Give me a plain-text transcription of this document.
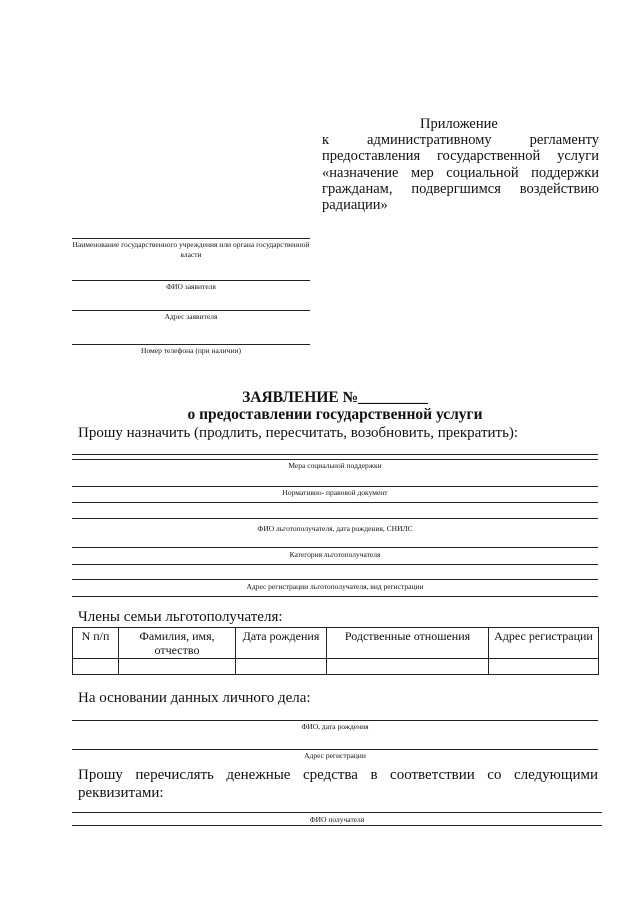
Приложение
к административному регламенту
предоставления государственной услуги
«назначение мер социальной поддержки
гражданам, подвергшимся воздействию
радиации»
Наименование государственного учреждения или органа государственной власти
ФИО заявителя
Адрес заявителя
Номер телефона (при наличии)
ЗАЯВЛЕНИЕ №_________
о предоставлении государственной услуги
Прошу назначить (продлить, пересчитать, возобновить, прекратить):
Мера социальной поддержки
Нормативно- правовой документ
ФИО льготополучателя, дата рождения, СНИЛС
Категория льготополучателя
Адрес регистрации льготополучателя, вид регистрации
Члены семьи льготополучателя:
N п/п	Фамилия, имя, отчество	Дата рождения	Родственные отношения	Адрес регистрации

На основании данных личного дела:
ФИО, дата рождения
Адрес регистрации
Прошу перечислять денежные средства в соответствии со следующими реквизитами:
ФИО получателя
